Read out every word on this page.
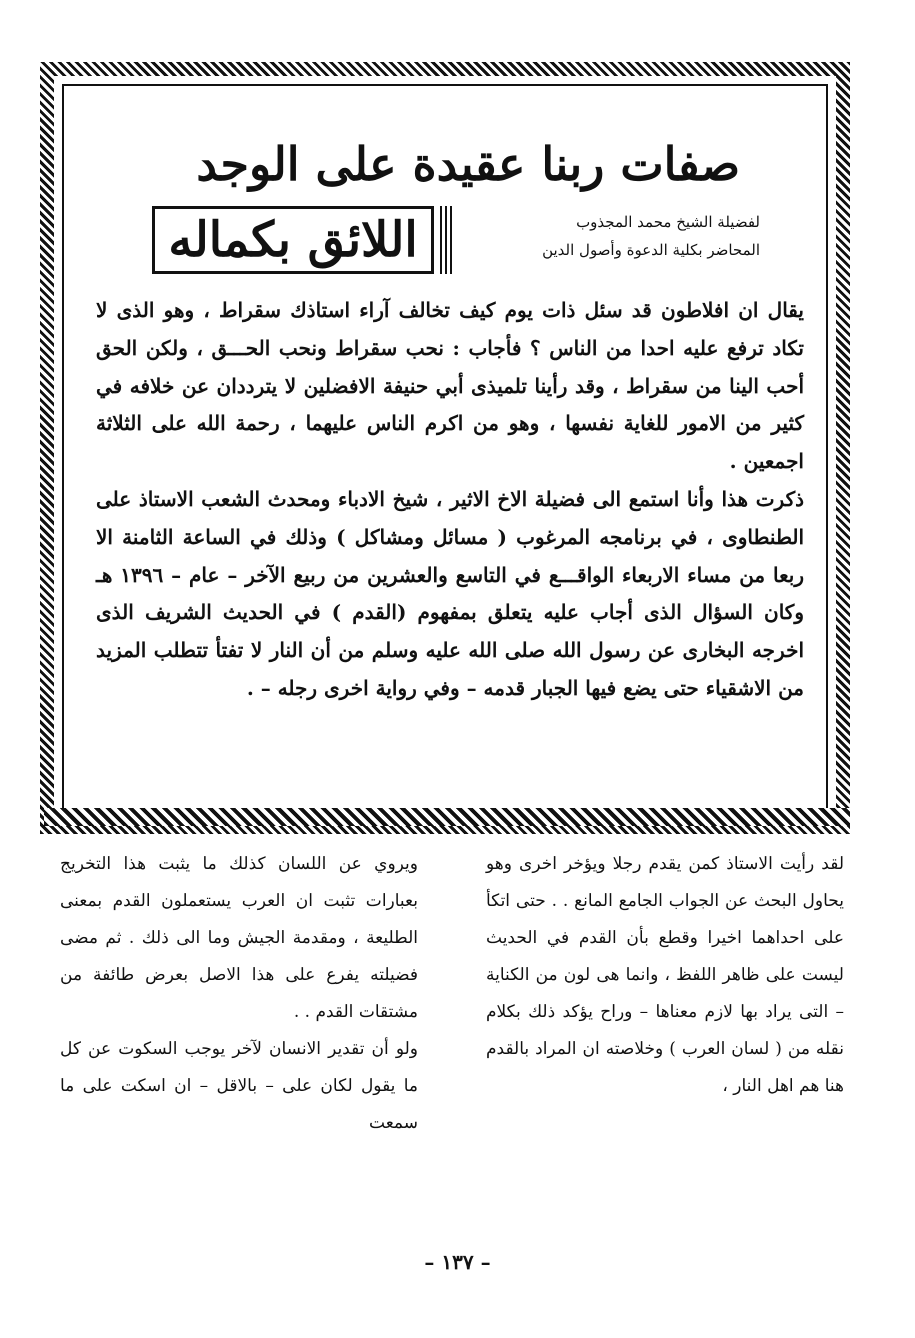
صفات ربنا عقيدة على الوجد
اللائق بكماله	لفضيلة الشيخ محمد المجذوب
المحاضر بكلية الدعوة وأصول الدين

يقال ان افلاطون قد سئل ذات يوم كيف تخالف آراء استاذك سقراط ، وهو الذى لا تكاد ترفع عليه احدا من الناس ؟ فأجاب : نحب سقراط ونحب الحـــق ، ولكن الحق أحب الينا من سقراط ، وقد رأينا تلميذى أبي حنيفة الافضلين لا يترددان عن خلافه في كثير من الامور للغاية نفسها ، وهو من اكرم الناس عليهما ، رحمة الله على الثلاثة اجمعين .

ذكرت هذا وأنا استمع الى فضيلة الاخ الاثير ، شيخ الادباء ومحدث الشعب الاستاذ على الطنطاوى ، في برنامجه المرغوب ( مسائل ومشاكل ) وذلك في الساعة الثامنة الا ربعا من مساء الاربعاء الواقـــع في التاسع والعشرين من ربيع الآخر – عام – ١٣٩٦ هـ وكان السؤال الذى أجاب عليه يتعلق بمفهوم (القدم ) في الحديث الشريف الذى اخرجه البخارى عن رسول الله صلى الله عليه وسلم من أن النار لا تفتأ تتطلب المزيد من الاشقياء حتى يضع فيها الجبار قدمه – وفي رواية اخرى رجله – .

لقد رأيت الاستاذ كمن يقدم رجلا ويؤخر اخرى وهو يحاول البحث عن الجواب الجامع المانع . . حتى اتكأ على احداهما اخيرا وقطع بأن القدم في الحديث ليست على ظاهر اللفظ ، وانما هى لون من الكناية – التى يراد بها لازم معناها – وراح يؤكد ذلك بكلام نقله من ( لسان العرب ) وخلاصته ان المراد بالقدم هنا هم اهل النار ،

ويروي عن اللسان كذلك ما يثبت هذا التخريج بعبارات تثبت ان العرب يستعملون القدم بمعنى الطليعة ، ومقدمة الجيش وما الى ذلك . ثم مضى فضيلته يفرع على هذا الاصل بعرض طائفة من مشتقات القدم . .

ولو أن تقدير الانسان لآخر يوجب السكوت عن كل ما يقول لكان على – بالاقل – ان اسكت على ما سمعت

– ١٣٧ –
